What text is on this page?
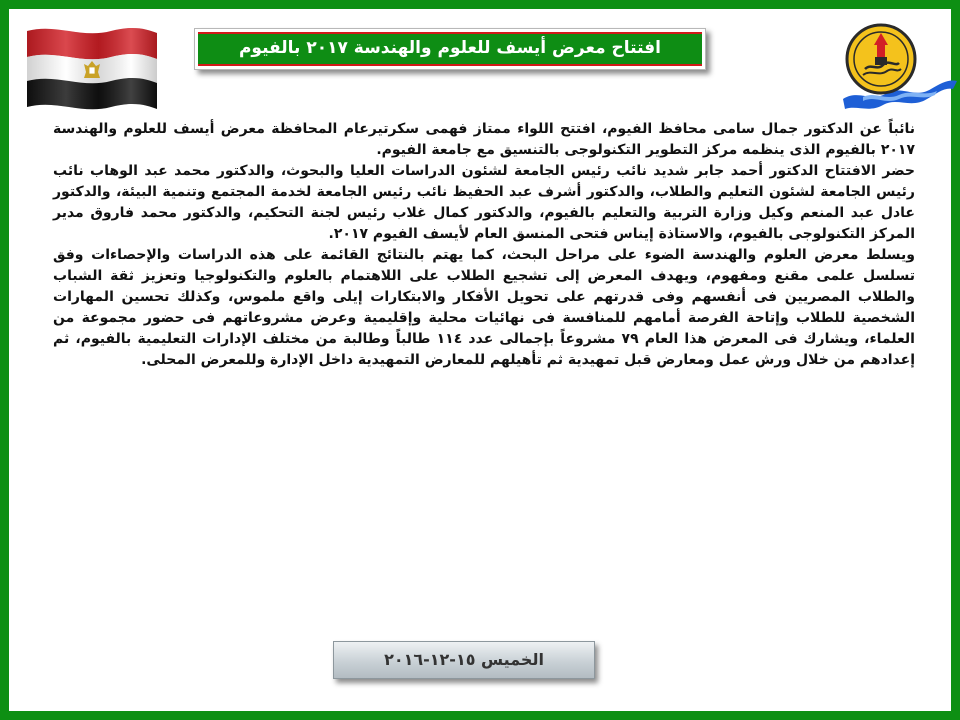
افتتاح معرض أيسف للعلوم والهندسة ٢٠١٧ بالفيوم

نائباً عن الدكتور جمال سامى محافظ الفيوم، افتتح اللواء ممتاز فهمى سكرتيرعام المحافظة معرض أيسف للعلوم والهندسة ٢٠١٧ بالفيوم الذى ينظمه مركز التطوير التكنولوجى بالتنسيق مع جامعة الفيوم.

حضر الافتتاح الدكتور أحمد جابر شديد نائب رئيس الجامعة لشئون الدراسات العليا والبحوث، والدكتور محمد عبد الوهاب نائب رئيس الجامعة لشئون التعليم والطلاب، والدكتور أشرف عبد الحفيظ نائب رئيس الجامعة لخدمة المجتمع وتنمية البيئة، والدكتور عادل عبد المنعم وكيل وزارة التربية والتعليم بالفيوم، والدكتور كمال غلاب رئيس لجنة التحكيم، والدكتور محمد فاروق مدير المركز التكنولوجى بالفيوم، والاستاذة إيناس فتحى المنسق العام لأيسف الفيوم ٢٠١٧.

ويسلط معرض العلوم والهندسة الضوء على مراحل البحث، كما يهتم بالنتائج القائمة على هذه الدراسات والإحصاءات وفق تسلسل علمى مقنع ومفهوم، ويهدف المعرض إلى تشجيع الطلاب على اللاهتمام بالعلوم والتكنولوجيا وتعزيز ثقة الشباب والطلاب المصريين فى أنفسهم وفى قدرتهم على تحويل الأفكار والابتكارات إيلى واقع ملموس، وكذلك تحسين المهارات الشخصية للطلاب وإتاحة الفرصة أمامهم للمنافسة فى نهائيات محلية وإقليمية وعرض مشروعاتهم فى حضور مجموعة من العلماء، ويشارك فى المعرض هذا العام ٧٩ مشروعاً بإجمالى عدد ١١٤ طالباً وطالبة من مختلف الإدارات التعليمية بالفيوم، ثم إعدادهم من خلال ورش عمل ومعارض قبل تمهيدية ثم تأهيلهم للمعارض التمهيدية داخل الإدارة وللمعرض المحلى.

الخميس ١٥-١٢-٢٠١٦
